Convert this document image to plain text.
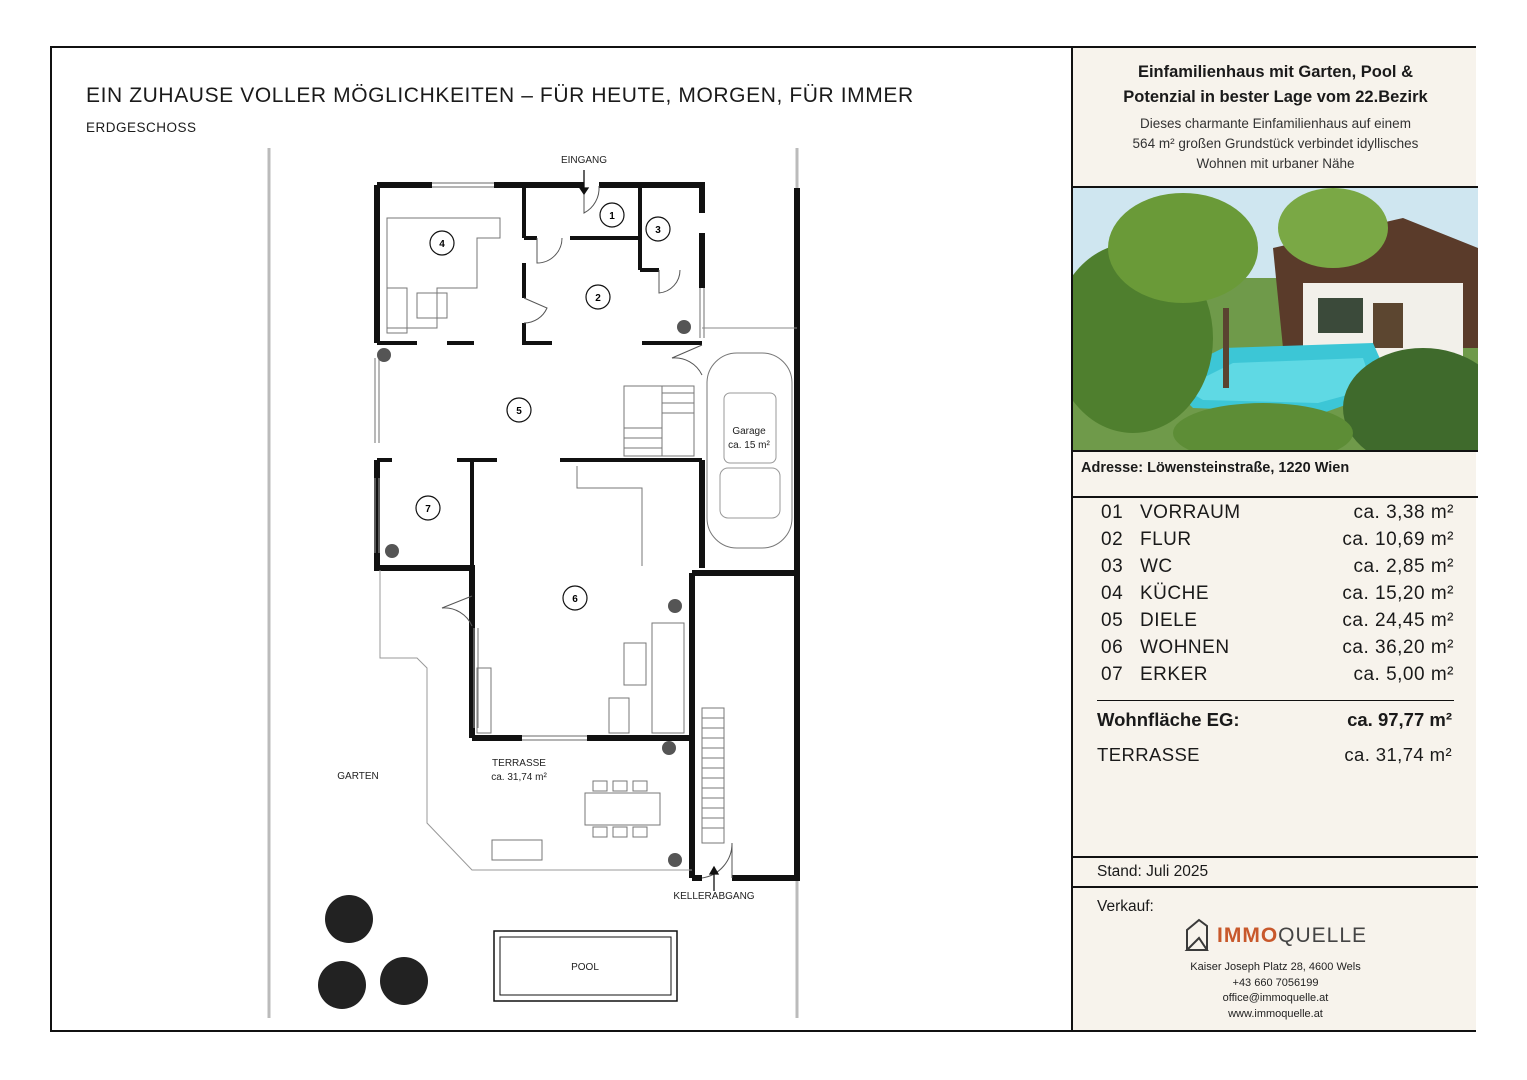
EIN ZUHAUSE VOLLER MÖGLICHKEITEN – FÜR HEUTE, MORGEN, FÜR IMMER
ERDGESCHOSS
Garage
ca. 15 m²
1
2
3
4
5
6
7
EINGANG
TERRASSE
ca. 31,74 m²
GARTEN
KELLERABGANG
POOL
Einfamilienhaus mit Garten, Pool &
Potenzial in bester Lage vom 22.Bezirk
Dieses charmante Einfamilienhaus auf einem
564 m² großen Grundstück verbindet idyllisches
Wohnen mit urbaner Nähe
Adresse: Löwensteinstraße, 1220 Wien
01 VORRAUM	ca. 3,38 m²
02 FLUR	ca. 10,69 m²
03 WC	ca. 2,85 m²
04 KÜCHE	ca. 15,20 m²
05 DIELE	ca. 24,45 m²
06 WOHNEN	ca. 36,20 m²
07 ERKER	ca. 5,00 m²
Wohnfläche EG:	ca. 97,77 m²
TERRASSE	ca. 31,74 m²
Stand: Juli 2025
Verkauf:
IMMOQUELLE
Kaiser Joseph Platz 28, 4600 Wels
+43 660 7056199
office@immoquelle.at
www.immoquelle.at
